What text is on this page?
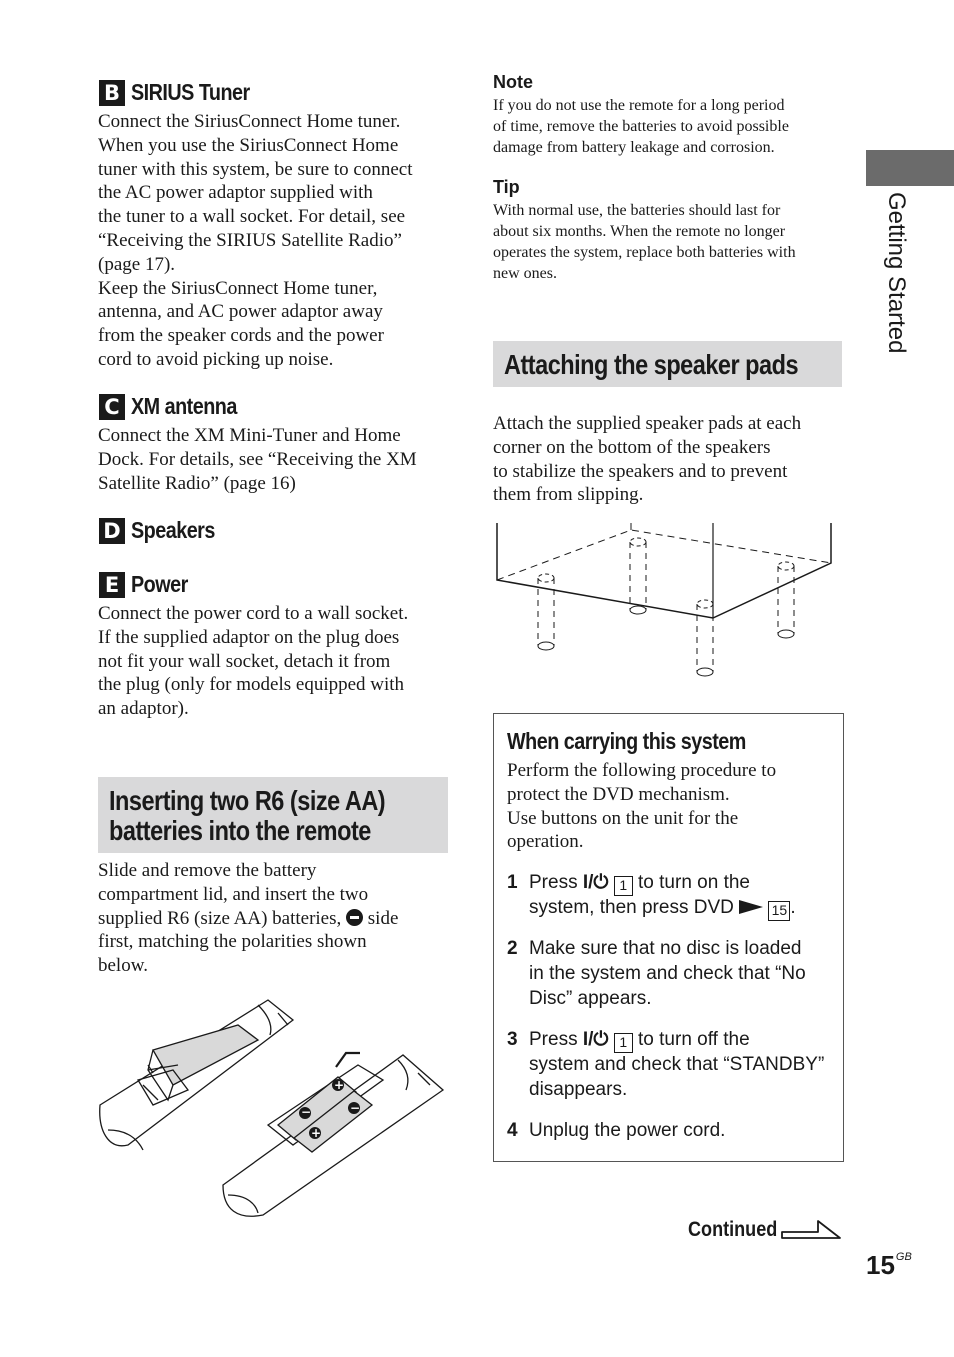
Getting Started
B SIRIUS Tuner

Connect the SiriusConnect Home tuner.

When you use the SiriusConnect Home

tuner with this system, be sure to connect

the AC power adaptor supplied with

the tuner to a wall socket. For detail, see

“Receiving the SIRIUS Satellite Radio”

(page 17).

Keep the SiriusConnect Home tuner,

antenna, and AC power adaptor away

from the speaker cords and the power

cord to avoid picking up noise.

C XM antenna

Connect the XM Mini-Tuner and Home

Dock. For details, see “Receiving the XM

Satellite Radio” (page 16)

D Speakers
E Power

Connect the power cord to a wall socket.

If the supplied adaptor on the plug does

not fit your wall socket, detach it from

the plug (only for models equipped with

an adaptor).

Inserting two R6 (size AA)
batteries into the remote

Slide and remove the battery

compartment lid, and insert the two

supplied R6 (size AA) batteries, side

first, matching the polarities shown

below.

+
−	−
+
Note

If you do not use the remote for a long period

of time, remove the batteries to avoid possible

damage from battery leakage and corrosion.

Tip

With normal use, the batteries should last for

about six months. When the remote no longer

operates the system, replace both batteries with

new ones.

Attaching the speaker pads

Attach the supplied speaker pads at each

corner on the bottom of the speakers

to stabilize the speakers and to prevent

them from slipping.

When carrying this system

Perform the following procedure to

protect the DVD mechanism.

Use buttons on the unit for the

operation.

1 Press I/⏻ 1 to turn on the
system, then press DVD	15 .
2 Make sure that no disc is loaded
in the system and check that “No
Disc” appears.
3 Press I/⏻ 1 to turn off the
system and check that “STANDBY”
disappears.
4 Unplug the power cord.
Continued
$15^{GB}$
